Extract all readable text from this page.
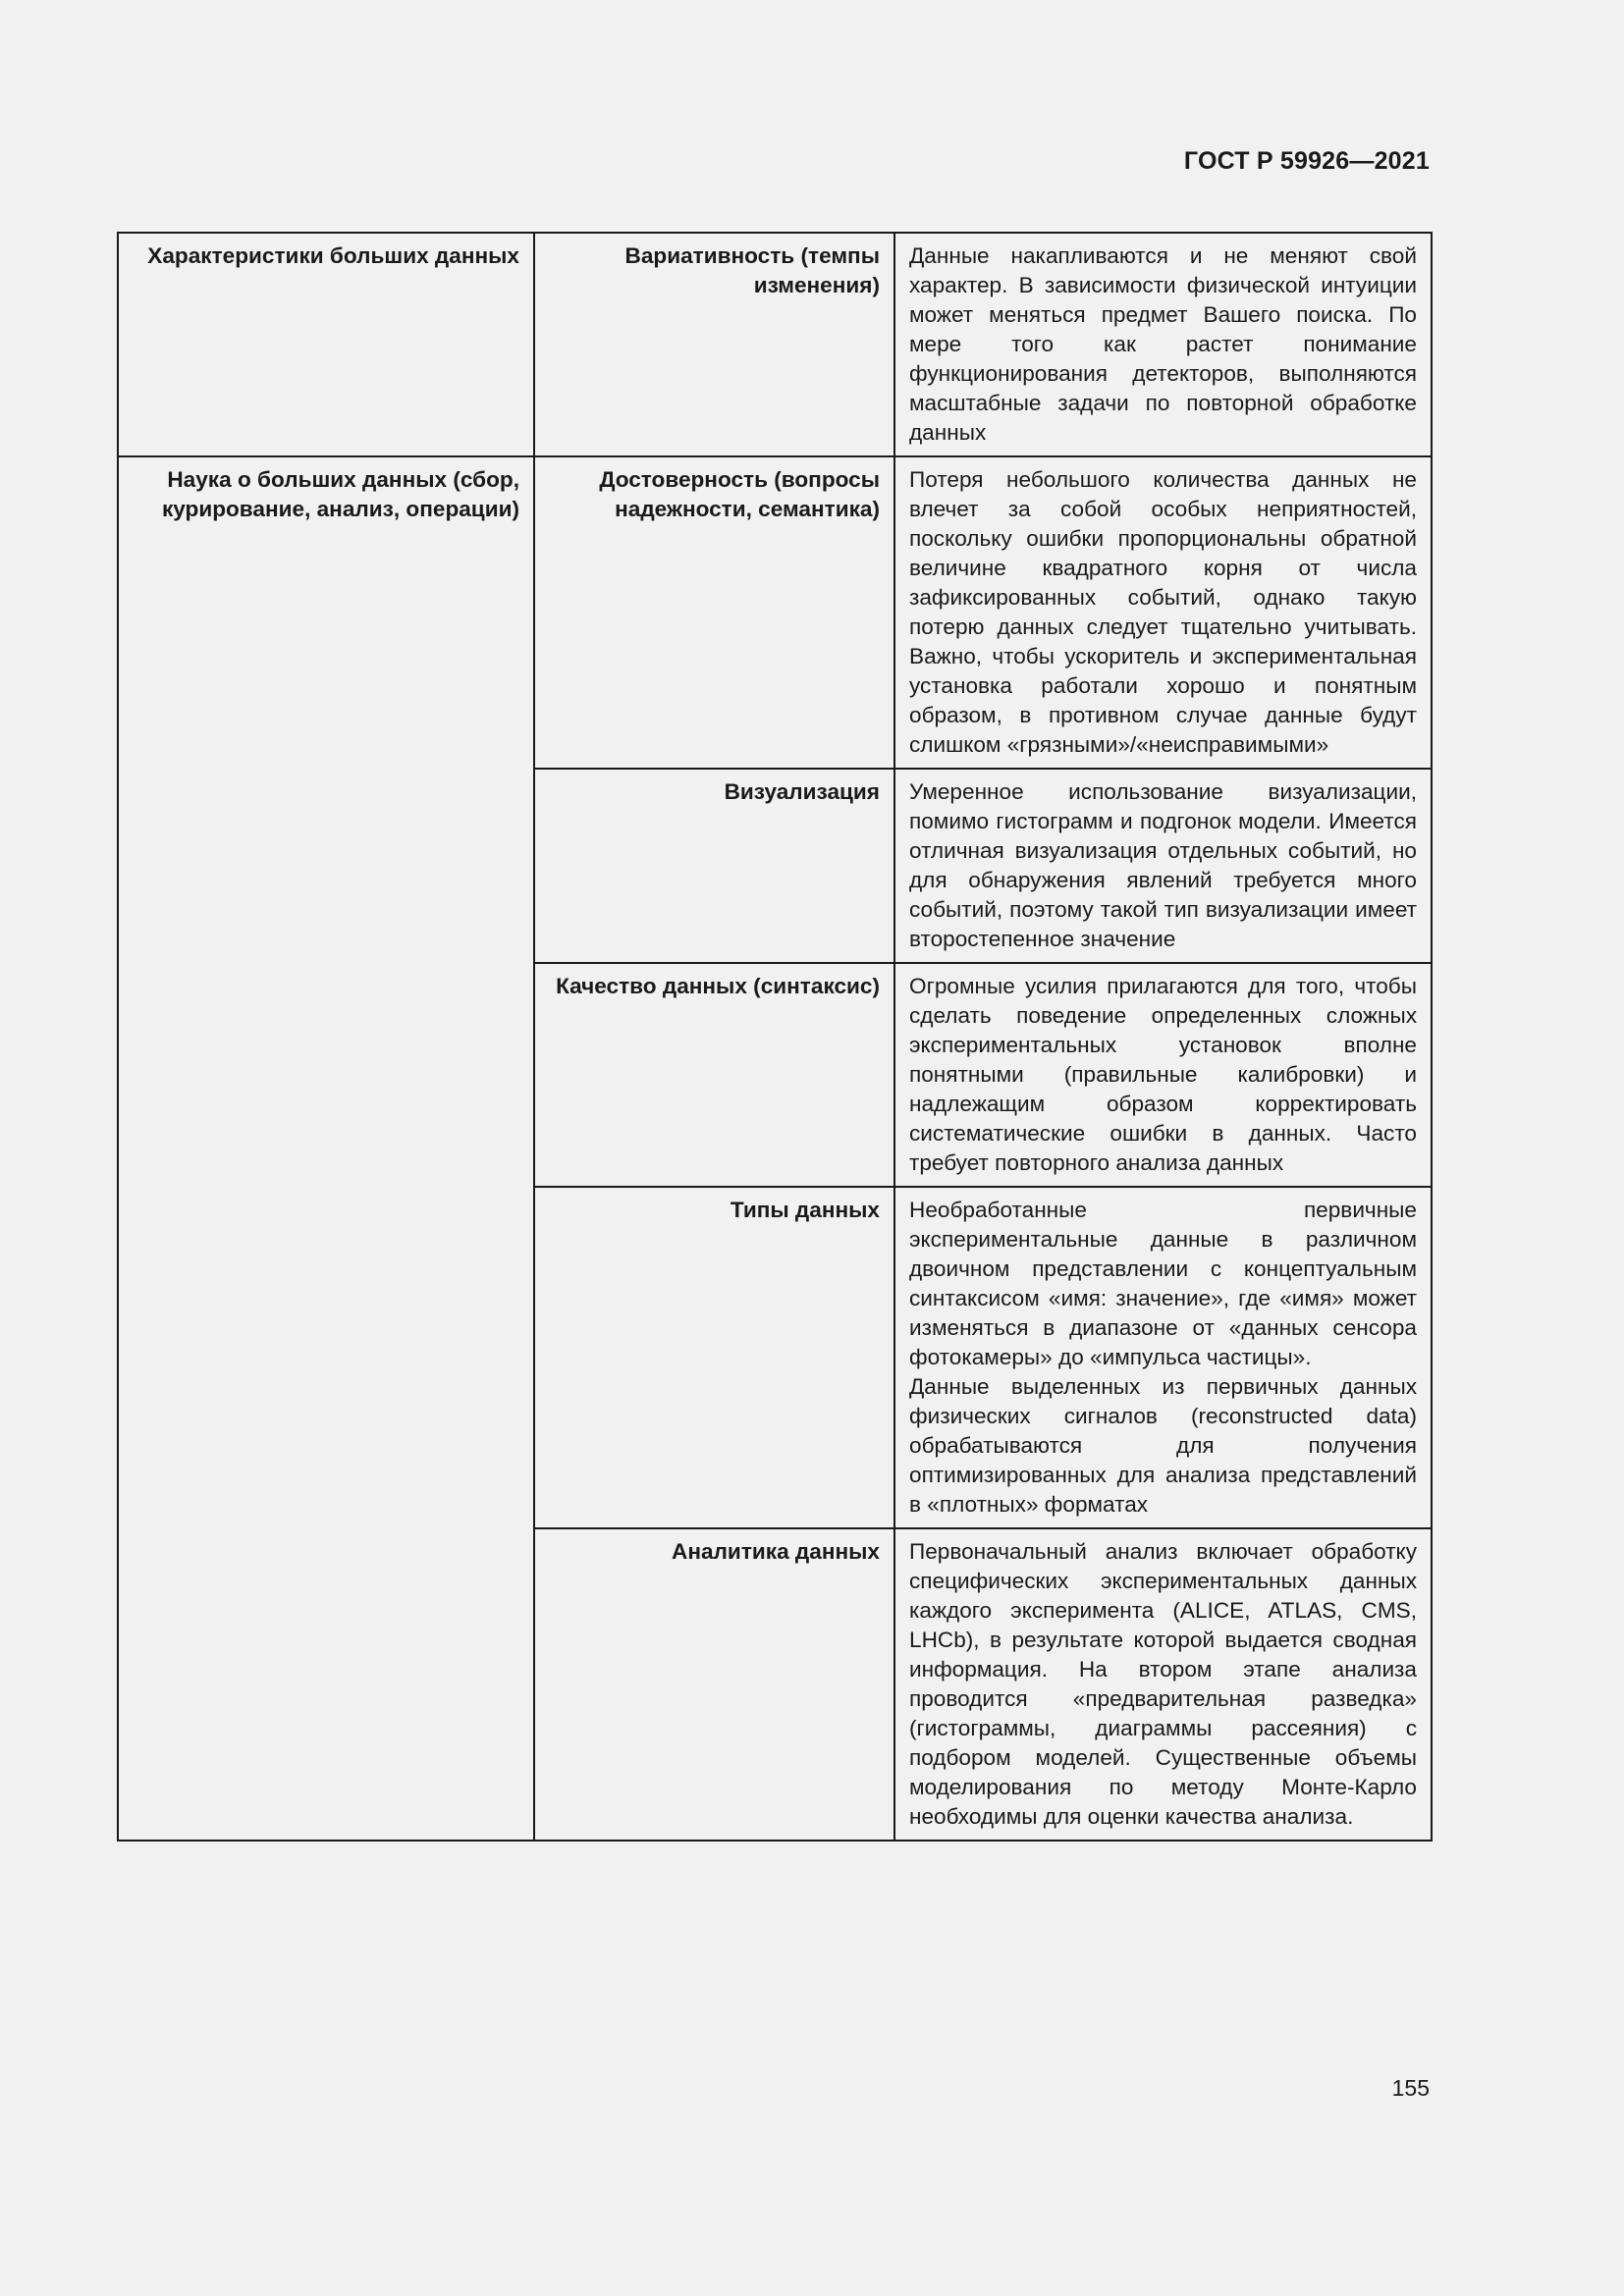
ГОСТ Р 59926—2021
Характеристики больших данных	Вариативность (темпы изменения)	Данные накапливаются и не меняют свой характер. В зависимости физической интуиции может меняться предмет Вашего поиска. По мере того как растет понимание функционирования детекторов, выполняются масштабные задачи по повторной обработке данных

Наука о больших данных (сбор, курирование, анализ, операции)	Достоверность (вопросы надежности, семантика)	Потеря небольшого количества данных не влечет за собой особых неприятностей, поскольку ошибки пропорциональны обратной величине квадратного корня от числа зафиксированных событий, однако такую потерю данных следует тщательно учитывать. Важно, чтобы ускоритель и экспериментальная установка работали хорошо и понятным образом, в противном случае данные будут слишком «грязными»/«неисправимыми»

	Визуализация	Умеренное использование визуализации, помимо гистограмм и подгонок модели. Имеется отличная визуализация отдельных событий, но для обнаружения явлений требуется много событий, поэтому такой тип визуализации имеет второстепенное значение

	Качество данных (синтаксис)	Огромные усилия прилагаются для того, чтобы сделать поведение определенных сложных экспериментальных установок вполне понятными (правильные калибровки) и надлежащим образом корректировать систематические ошибки в данных. Часто требует повторного анализа данных

	Типы данных	Необработанные первичные экспериментальные данные в различном двоичном представлении с концептуальным синтаксисом «имя: значение», где «имя» может изменяться в диапазоне от «данных сенсора фотокамеры» до «импульса частицы».

Данные выделенных из первичных данных физических сигналов (reconstructed data) обрабатываются для получения оптимизированных для анализа представлений в «плотных» форматах

	Аналитика данных	Первоначальный анализ включает обработку специфических экспериментальных данных каждого эксперимента (ALICE, ATLAS, CMS, LHCb), в результате которой выдается сводная информация. На втором этапе анализа проводится «предварительная разведка» (гистограммы, диаграммы рассеяния) с подбором моделей. Существенные объемы моделирования по методу Монте-Карло необходимы для оценки качества анализа.

155
